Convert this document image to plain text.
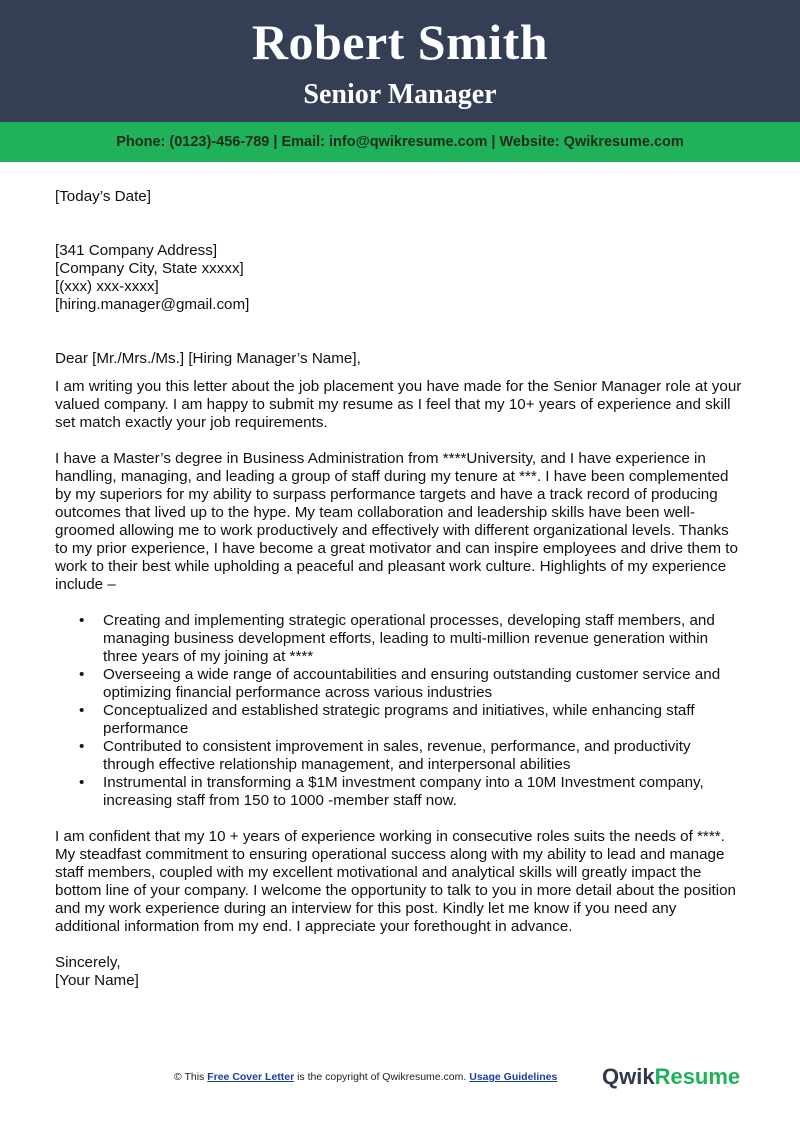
Robert Smith
Senior Manager
Phone: (0123)-456-789 | Email: info@qwikresume.com | Website: Qwikresume.com
[Today’s Date]
[341 Company Address]
[Company City, State xxxxx]
[(xxx) xxx-xxxx]
[hiring.manager@gmail.com]

Dear [Mr./Mrs./Ms.] [Hiring Manager’s Name],

I am writing you this letter about the job placement you have made for the Senior Manager role at your valued company. I am happy to submit my resume as I feel that my 10+ years of experience and skill set match exactly your job requirements.

I have a Master’s degree in Business Administration from ****University, and I have experience in handling, managing, and leading a group of staff during my tenure at ***. I have been complemented by my superiors for my ability to surpass performance targets and have a track record of producing outcomes that lived up to the hype. My team collaboration and leadership skills have been well-groomed allowing me to work productively and effectively with different organizational levels. Thanks to my prior experience, I have become a great motivator and can inspire employees and drive them to work to their best while upholding a peaceful and pleasant work culture. Highlights of my experience include –

• Creating and implementing strategic operational processes, developing staff members, and managing business development efforts, leading to multi-million revenue generation within three years of my joining at ****
• Overseeing a wide range of accountabilities and ensuring outstanding customer service and optimizing financial performance across various industries
• Conceptualized and established strategic programs and initiatives, while enhancing staff performance
• Contributed to consistent improvement in sales, revenue, performance, and productivity through effective relationship management, and interpersonal abilities
• Instrumental in transforming a $1M investment company into a 10M Investment company, increasing staff from 150 to 1000 -member staff now.

I am confident that my 10 + years of experience working in consecutive roles suits the needs of ****. My steadfast commitment to ensuring operational success along with my ability to lead and manage staff members, coupled with my excellent motivational and analytical skills will greatly impact the bottom line of your company. I welcome the opportunity to talk to you in more detail about the position and my work experience during an interview for this post. Kindly let me know if you need any additional information from my end. I appreciate your forethought in advance.

Sincerely,
[Your Name]
© This Free Cover Letter is the copyright of Qwikresume.com. Usage Guidelines QwikResume
